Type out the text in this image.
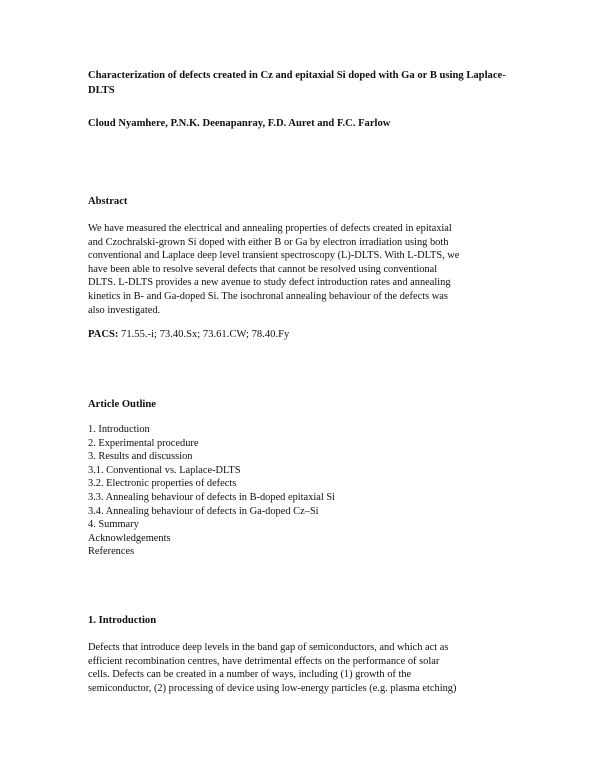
Characterization of defects created in Cz and epitaxial Si doped with Ga or B using Laplace-DLTS

Cloud Nyamhere, P.N.K. Deenapanray, F.D. Auret and F.C. Farlow

Abstract

We have measured the electrical and annealing properties of defects created in epitaxial
and Czochralski-grown Si doped with either B or Ga by electron irradiation using both
conventional and Laplace deep level transient spectroscopy (L)-DLTS. With L-DLTS, we
have been able to resolve several defects that cannot be resolved using conventional
DLTS. L-DLTS provides a new avenue to study defect introduction rates and annealing
kinetics in B- and Ga-doped Si. The isochronal annealing behaviour of the defects was
also investigated.

PACS: 71.55.-i; 73.40.Sx; 73.61.CW; 78.40.Fy

Article Outline

1. Introduction
2. Experimental procedure
3. Results and discussion
3.1. Conventional vs. Laplace-DLTS
3.2. Electronic properties of defects
3.3. Annealing behaviour of defects in B-doped epitaxial Si
3.4. Annealing behaviour of defects in Ga-doped Cz–Si
4. Summary
Acknowledgements
References

1. Introduction

Defects that introduce deep levels in the band gap of semiconductors, and which act as
efficient recombination centres, have detrimental effects on the performance of solar
cells. Defects can be created in a number of ways, including (1) growth of the
semiconductor, (2) processing of device using low-energy particles (e.g. plasma etching)
